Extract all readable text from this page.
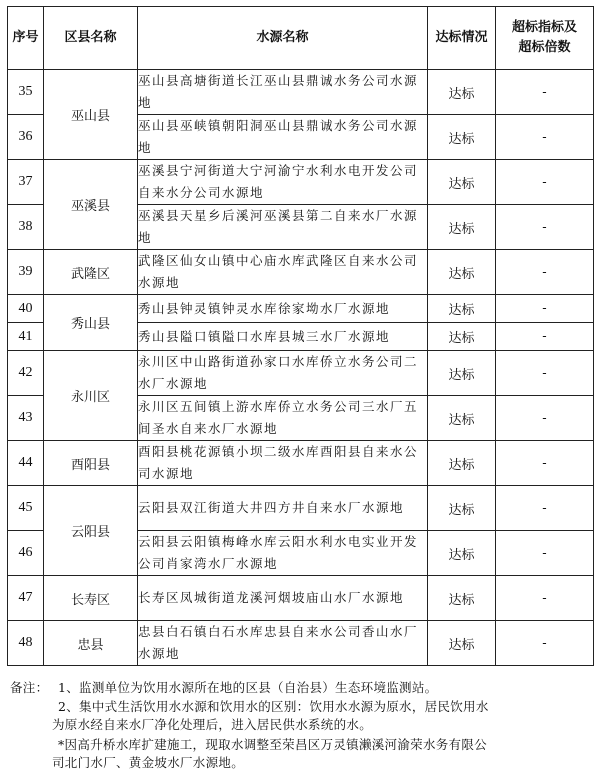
序号	区县名称	水源名称	达标情况	超标指标及
超标倍数

35	巫山县	巫山县高塘街道长江巫山县鼎诚水务公司水源地	达标	-
36		巫山县巫峡镇朝阳洞巫山县鼎诚水务公司水源地	达标	-
37	巫溪县	巫溪县宁河街道大宁河渝宁水利水电开发公司自来水分公司水源地	达标	-
38		巫溪县天星乡后溪河巫溪县第二自来水厂水源地	达标	-
39	武隆区	武隆区仙女山镇中心庙水库武隆区自来水公司水源地	达标	-
40	秀山县	秀山县钟灵镇钟灵水库徐家坳水厂水源地	达标	-
41		秀山县隘口镇隘口水库县城三水厂水源地	达标	-
42	永川区	永川区中山路街道孙家口水库侨立水务公司二水厂水源地	达标	-
43		永川区五间镇上游水库侨立水务公司三水厂五间圣水自来水厂水源地	达标	-
44	酉阳县	酉阳县桃花源镇小坝二级水库酉阳县自来水公司水源地	达标	-
45	云阳县	云阳县双江街道大井四方井自来水厂水源地	达标	-
46		云阳县云阳镇梅峰水库云阳水利水电实业开发公司肖家湾水厂水源地	达标	-
47	长寿区	长寿区凤城街道龙溪河烟坡庙山水厂水源地	达标	-
48	忠县	忠县白石镇白石水库忠县自来水公司香山水厂水源地	达标	-
备注： 1、监测单位为饮用水源所在地的区县（自治县）生态环境监测站。
2、集中式生活饮用水水源和饮用水的区别：饮用水水源为原水，居民饮用水
为原水经自来水厂净化处理后，进入居民供水系统的水。
*因高升桥水库扩建施工，现取水调整至荣昌区万灵镇濑溪河渝荣水务有限公
司北门水厂、黄金坡水厂水源地。
